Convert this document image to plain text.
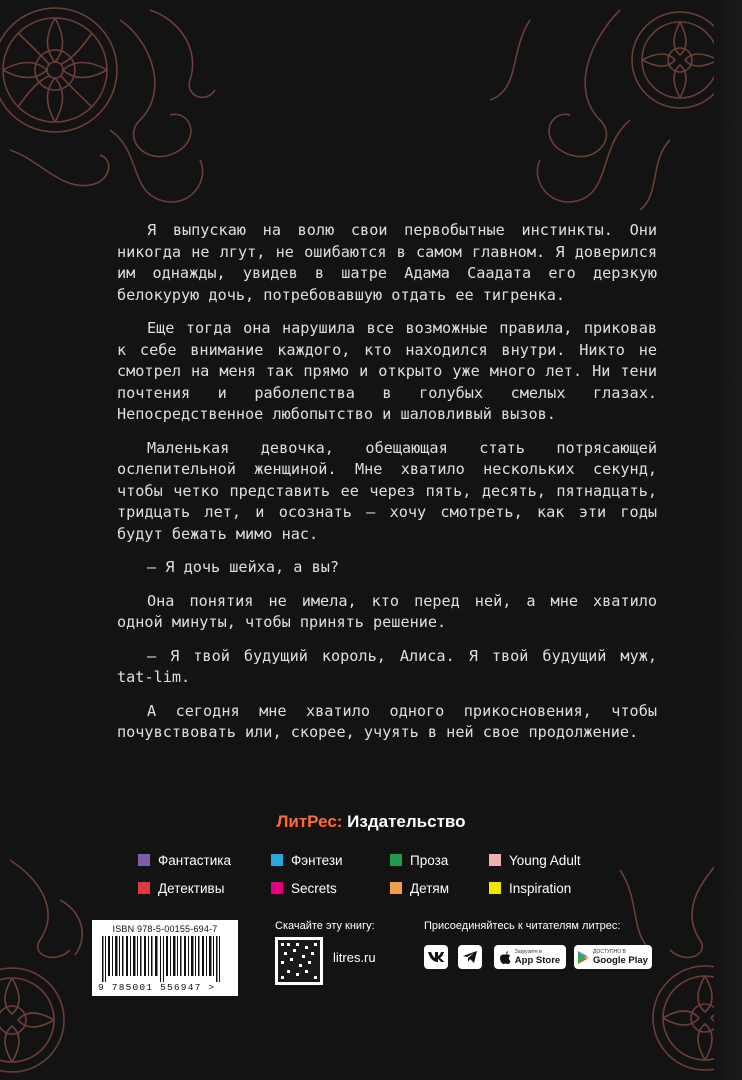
Я выпускаю на волю свои первобытные инстинкты. Они никогда не лгут, не ошибаются в самом главном. Я доверился им однажды, увидев в шатре Адама Саадата его дерзкую белокурую дочь, потребовавшую отдать ее тигренка.

Еще тогда она нарушила все возможные правила, приковав к себе внимание каждого, кто находился внутри. Никто не смотрел на меня так прямо и открыто уже много лет. Ни тени почтения и раболепства в голубых смелых глазах. Непосредственное любопытство и шаловливый вызов.

Маленькая девочка, обещающая стать потрясающей ослепительной женщиной. Мне хватило нескольких секунд, чтобы четко представить ее через пять, десять, пятнадцать, тридцать лет, и осознать — хочу смотреть, как эти годы будут бежать мимо нас.

— Я дочь шейха, а вы?

Она понятия не имела, кто перед ней, а мне хватило одной минуты, чтобы принять решение.

— Я твой будущий король, Алиса. Я твой будущий муж, tat-lim.

А сегодня мне хватило одного прикосновения, чтобы почувствовать или, скорее, учуять в ней свое продолжение.

ЛитРес: Издательство
Фантастика	Фэнтези	Проза	Young Adult
Детективы	Secrets	Детям	Inspiration
ISBN 978-5-00155-694-7
9 785001 556947 >
Скачайте эту книгу:
litres.ru
Присоединяйтесь к читателям литрес:
Загрузите в
App Store
ДОСТУПНО В
Google Play
